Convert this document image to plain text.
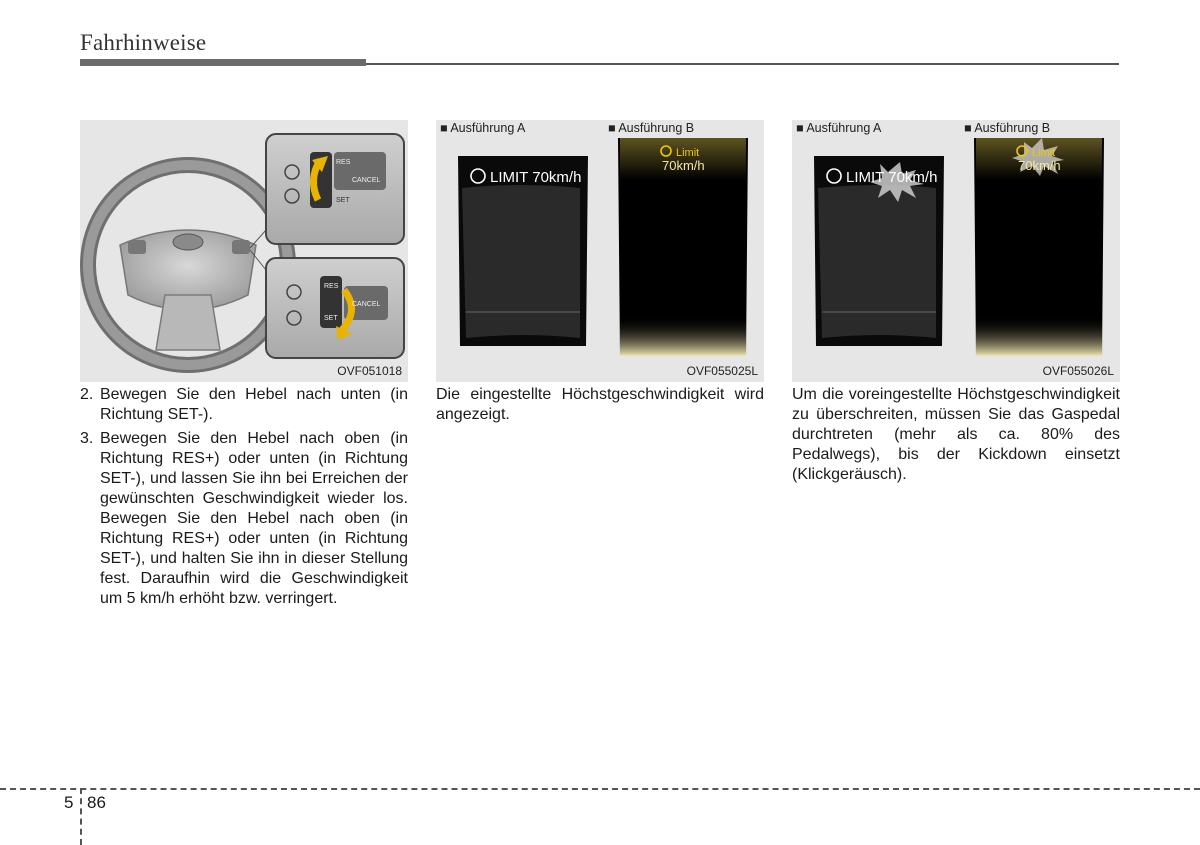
Fahrhinweise
RES
CANCEL
SET
RES
CANCEL
SET
OVF051018
■ Ausführung A	■ Ausführung B
LIMIT 70km/h
Limit
70km/h
OVF055025L
■ Ausführung A	■ Ausführung B
LIMIT 70km/h
Limit
70km/h
OVF055026L
2. Bewegen Sie den Hebel nach unten (in Richtung SET-).
3. Bewegen Sie den Hebel nach oben (in Richtung RES+) oder unten (in Richtung SET-), und lassen Sie ihn bei Erreichen der gewünschten Geschwindigkeit wieder los. Bewegen Sie den Hebel nach oben (in Richtung RES+) oder unten (in Richtung SET-), und halten Sie ihn in dieser Stellung fest. Daraufhin wird die Geschwindigkeit um 5 km/h erhöht bzw. verringert.

Die eingestellte Höchstgeschwindigkeit wird angezeigt.

Um die voreingestellte Höchstgeschwindigkeit zu überschreiten, müssen Sie das Gaspedal durchtreten (mehr als ca. 80% des Pedalwegs), bis der Kickdown einsetzt (Klickgeräusch).

5 86
